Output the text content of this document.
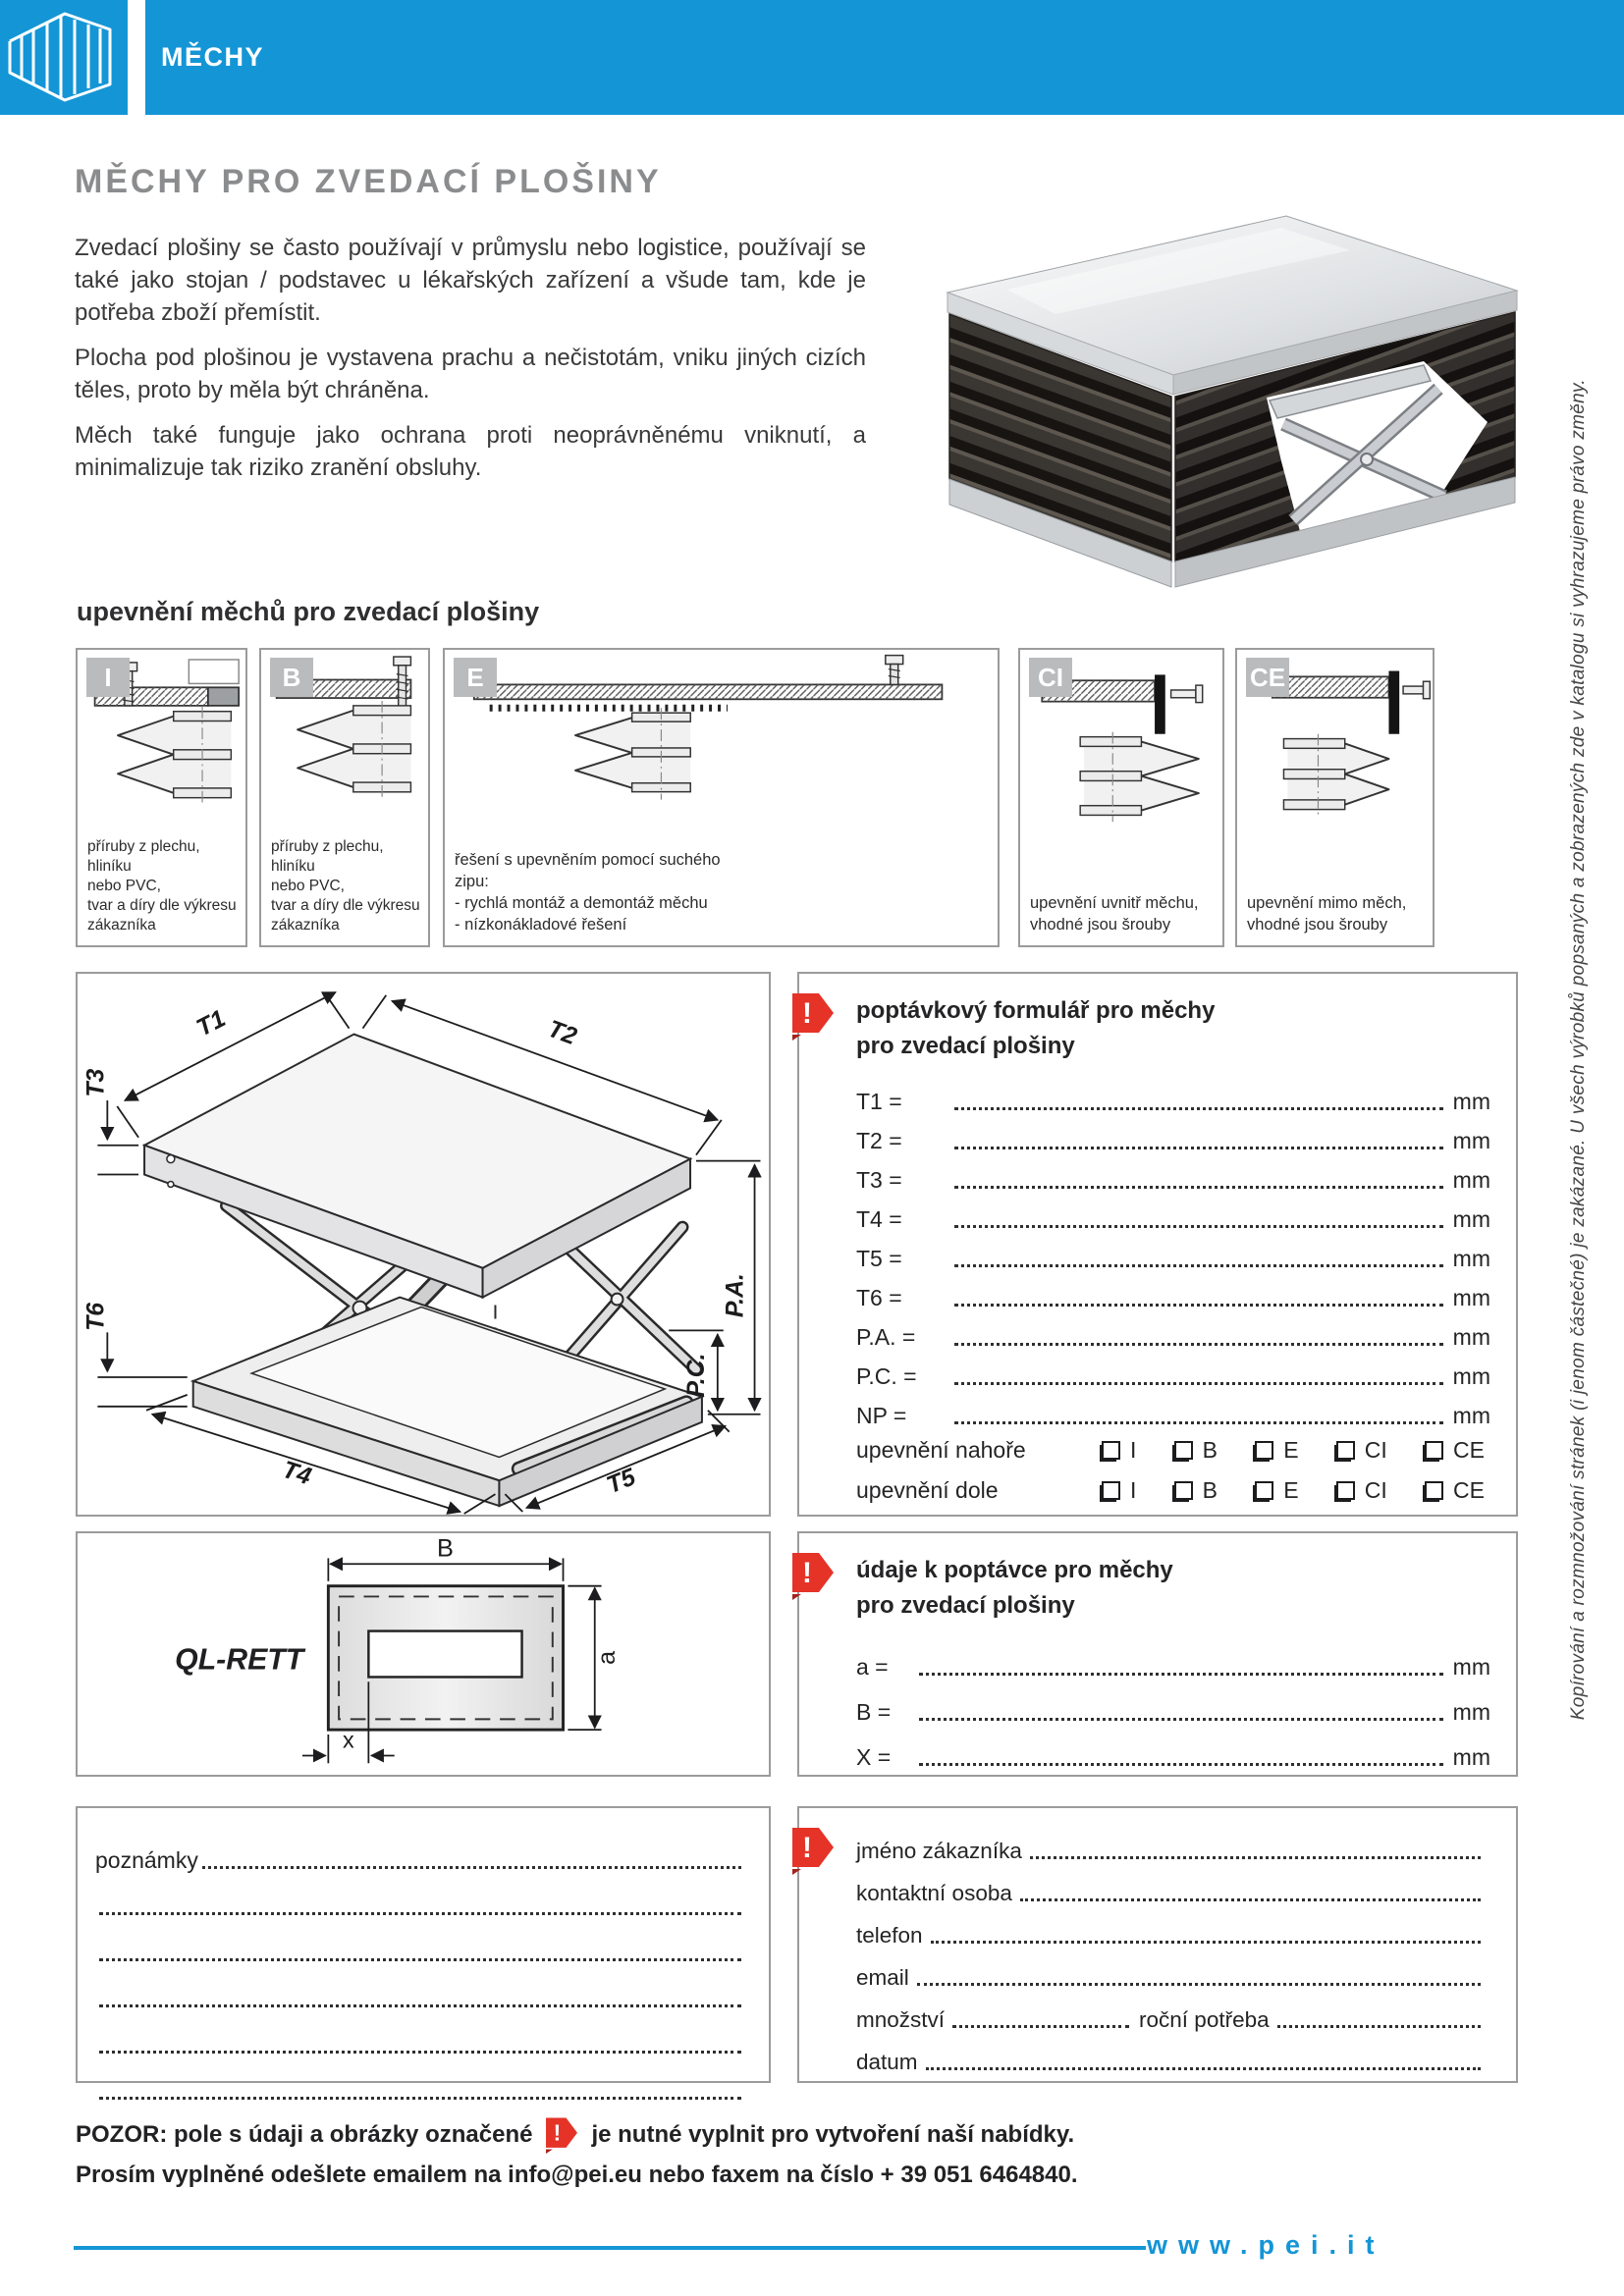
MĚCHY
MĚCHY PRO ZVEDACÍ PLOŠINY

Zvedací plošiny se často používají v průmyslu nebo logistice, používají se také jako stojan / podstavec u lékařských zařízení a všude tam, kde je potřeba zboží přemístit.

Plocha pod plošinou je vystavena prachu a nečistotám, vniku jiných cizích těles, proto by měla být chráněna.

Měch také funguje jako ochrana proti neoprávněnému vniknutí, a minimalizuje tak riziko zranění obsluhy.

upevnění měchů pro zvedací plošiny
I
příruby z plechu, hliníku
nebo PVC,
tvar a díry dle výkresu
zákazníka
B
příruby z plechu, hliníku
nebo PVC,
tvar a díry dle výkresu
zákazníka
E
řešení s upevněním pomocí suchého
zipu:
- rychlá montáž a demontáž měchu
- nízkonákladové řešení
CI
upevnění uvnitř měchu,
vhodné jsou šrouby
CE
upevnění mimo měch,
vhodné jsou šrouby
T1	T2
T3
T6
T4	T5
P.A.
P.C.
! poptávkový formulář pro měchy
pro zvedací plošiny
T1 =	mm
T2 =	mm
T3 =	mm
T4 =	mm
T5 =	mm
T6 =	mm
P.A. =	mm
P.C. =	mm
NP =	mm
upevnění nahoře	I	B	E	CI	CE
upevnění dole	I	B	E	CI	CE
QL-RETT
B
a
x
! údaje k poptávce pro měchy
pro zvedací plošiny
a =	mm
B =	mm
X =	mm
poznámky	! jméno zákazníka
kontaktní osoba
telefon
email
množství	roční potřeba
datum
POZOR: pole s údaji a obrázky označené ! je nutné vyplnit pro vytvoření naší nabídky.
Prosím vyplněné odešlete emailem na info@pei.eu nebo faxem na číslo + 39 051 6464840.
www.pei.it
Kopírování a rozmnožování stránek (i jenom částečné) je zakázané. U všech výrobků popsaných a zobrazených zde v katalogu si vyhrazujeme právo změny.
